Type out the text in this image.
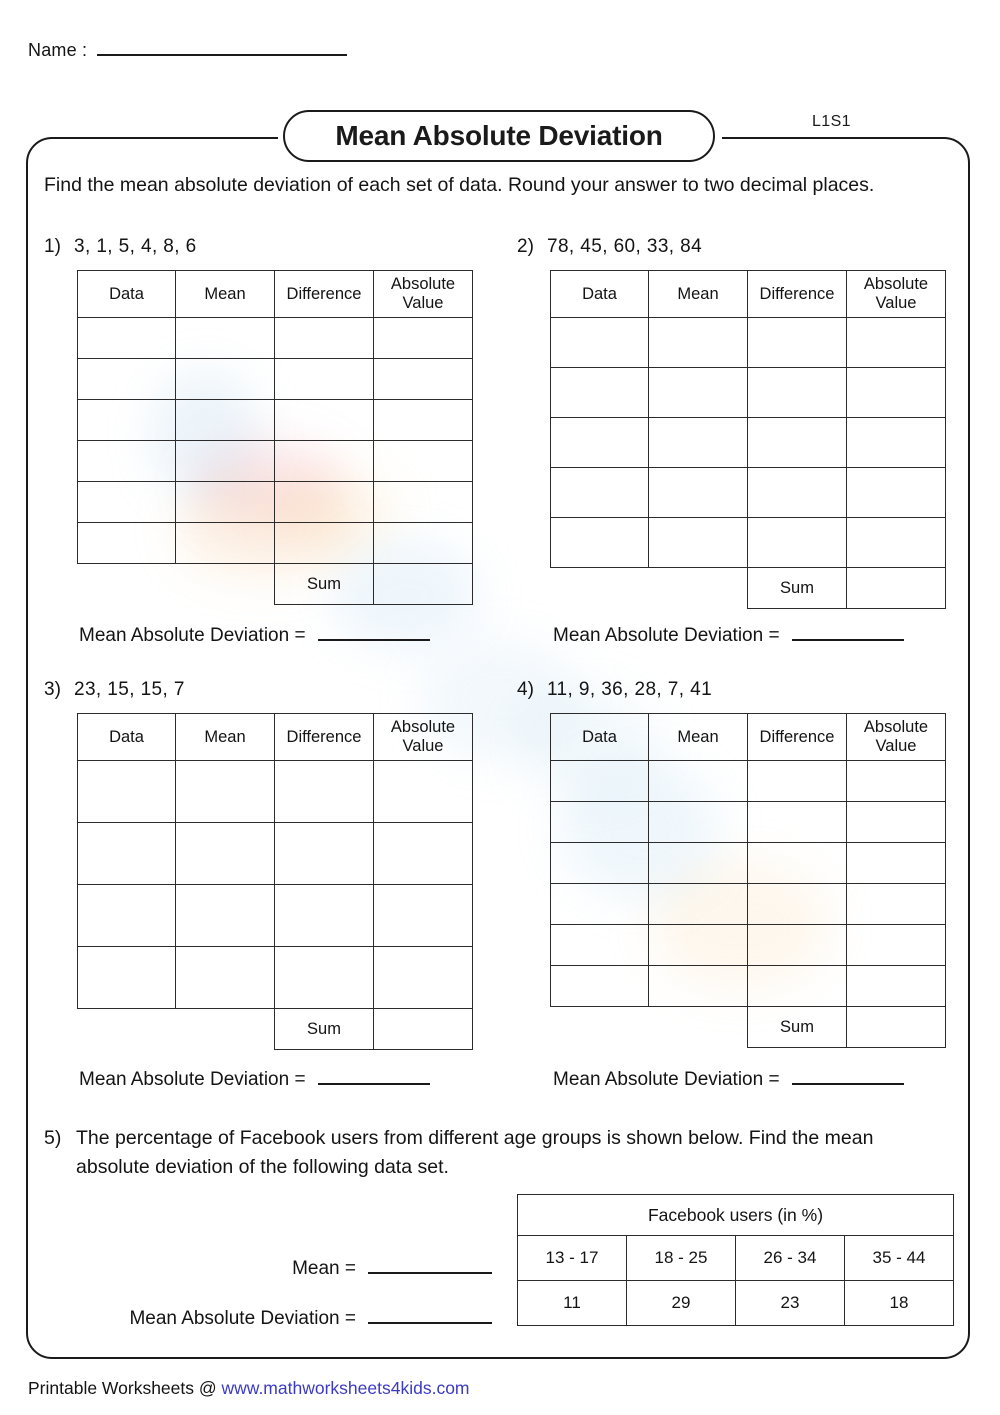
Name :
Mean Absolute Deviation	L1S1
Find the mean absolute deviation of each set of data. Round your answer to two decimal places.
1) 3, 1, 5, 4, 8, 6
Data	Mean	Difference	Absolute Value

		Sum	
Mean Absolute Deviation =
2) 78, 45, 60, 33, 84
Data	Mean	Difference	Absolute Value

		Sum	
Mean Absolute Deviation =
3) 23, 15, 15, 7
Data	Mean	Difference	Absolute Value

		Sum	
Mean Absolute Deviation =
4) 11, 9, 36, 28, 7, 41
Data	Mean	Difference	Absolute Value

		Sum	
Mean Absolute Deviation =
5) The percentage of Facebook users from different age groups is shown below. Find the mean absolute deviation of the following data set.
Mean =
Mean Absolute Deviation =
Facebook users (in %)			
13 - 17	18 - 25	26 - 34	35 - 44
11	29	23	18
Printable Worksheets @ www.mathworksheets4kids.com
